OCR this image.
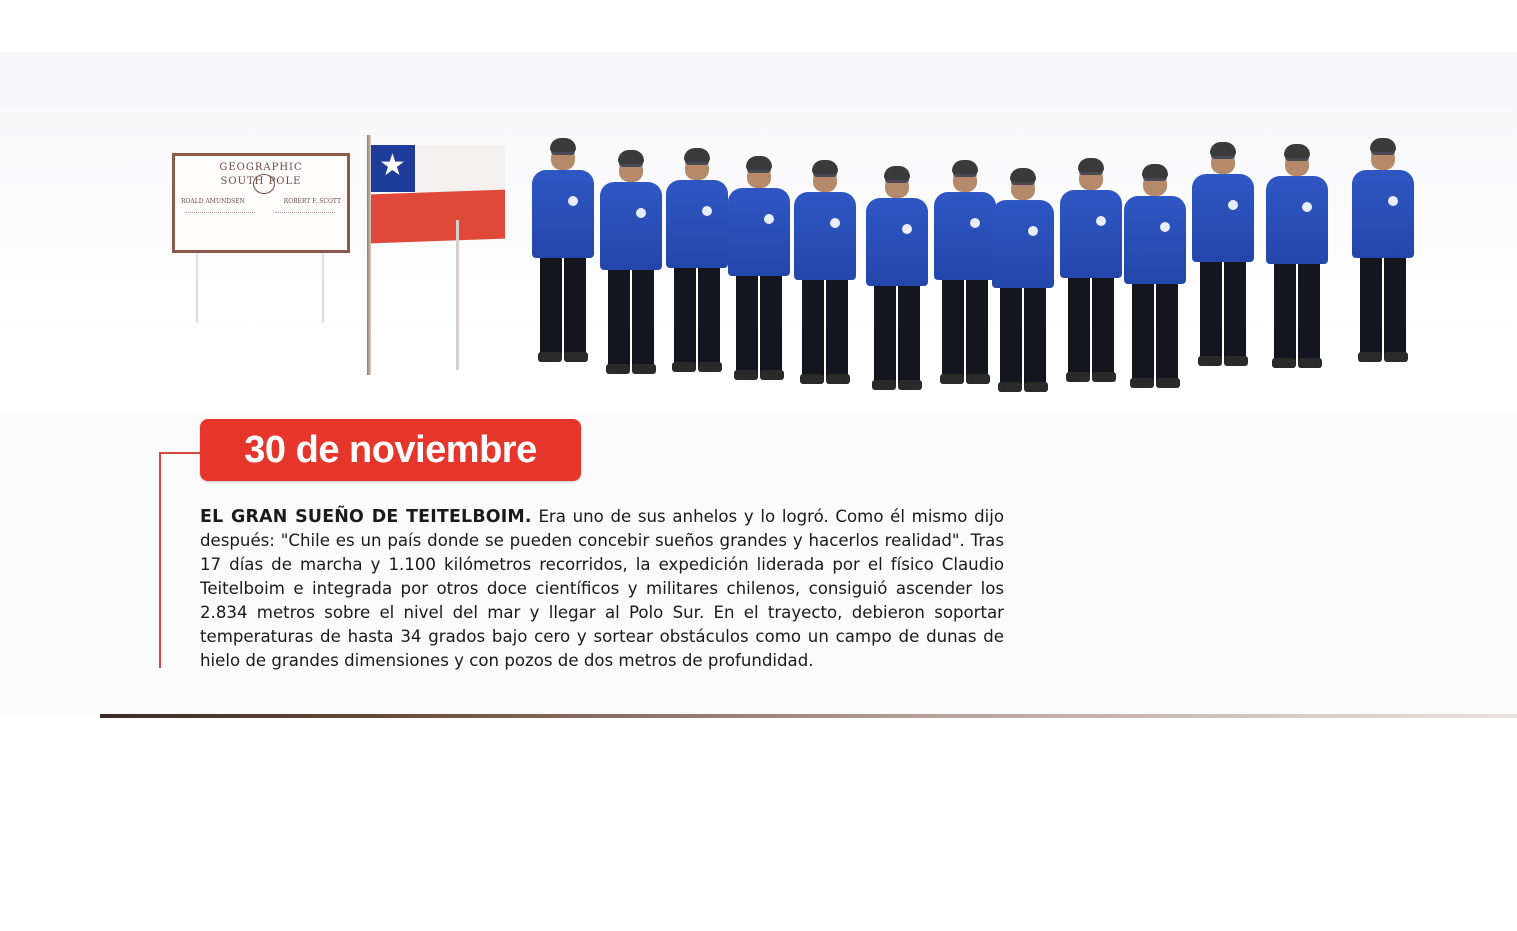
GEOGRAPHIC
SOUTH POLE
ROALD AMUNDSEN	ROBERT F. SCOTT
★
30 de noviembre
EL GRAN SUEÑO DE TEITELBOIM. Era uno de sus anhelos y lo logró. Como él mismo dijo después: "Chile es un país donde se pueden concebir sueños grandes y hacerlos realidad". Tras 17 días de marcha y 1.100 kilómetros recorridos, la expedición liderada por el físico Claudio Teitelboim e integrada por otros doce científicos y militares chilenos, consiguió ascender los 2.834 metros sobre el nivel del mar y llegar al Polo Sur. En el trayecto, debieron soportar temperaturas de hasta 34 grados bajo cero y sortear obstáculos como un campo de dunas de hielo de grandes dimensiones y con pozos de dos metros de profundidad.
